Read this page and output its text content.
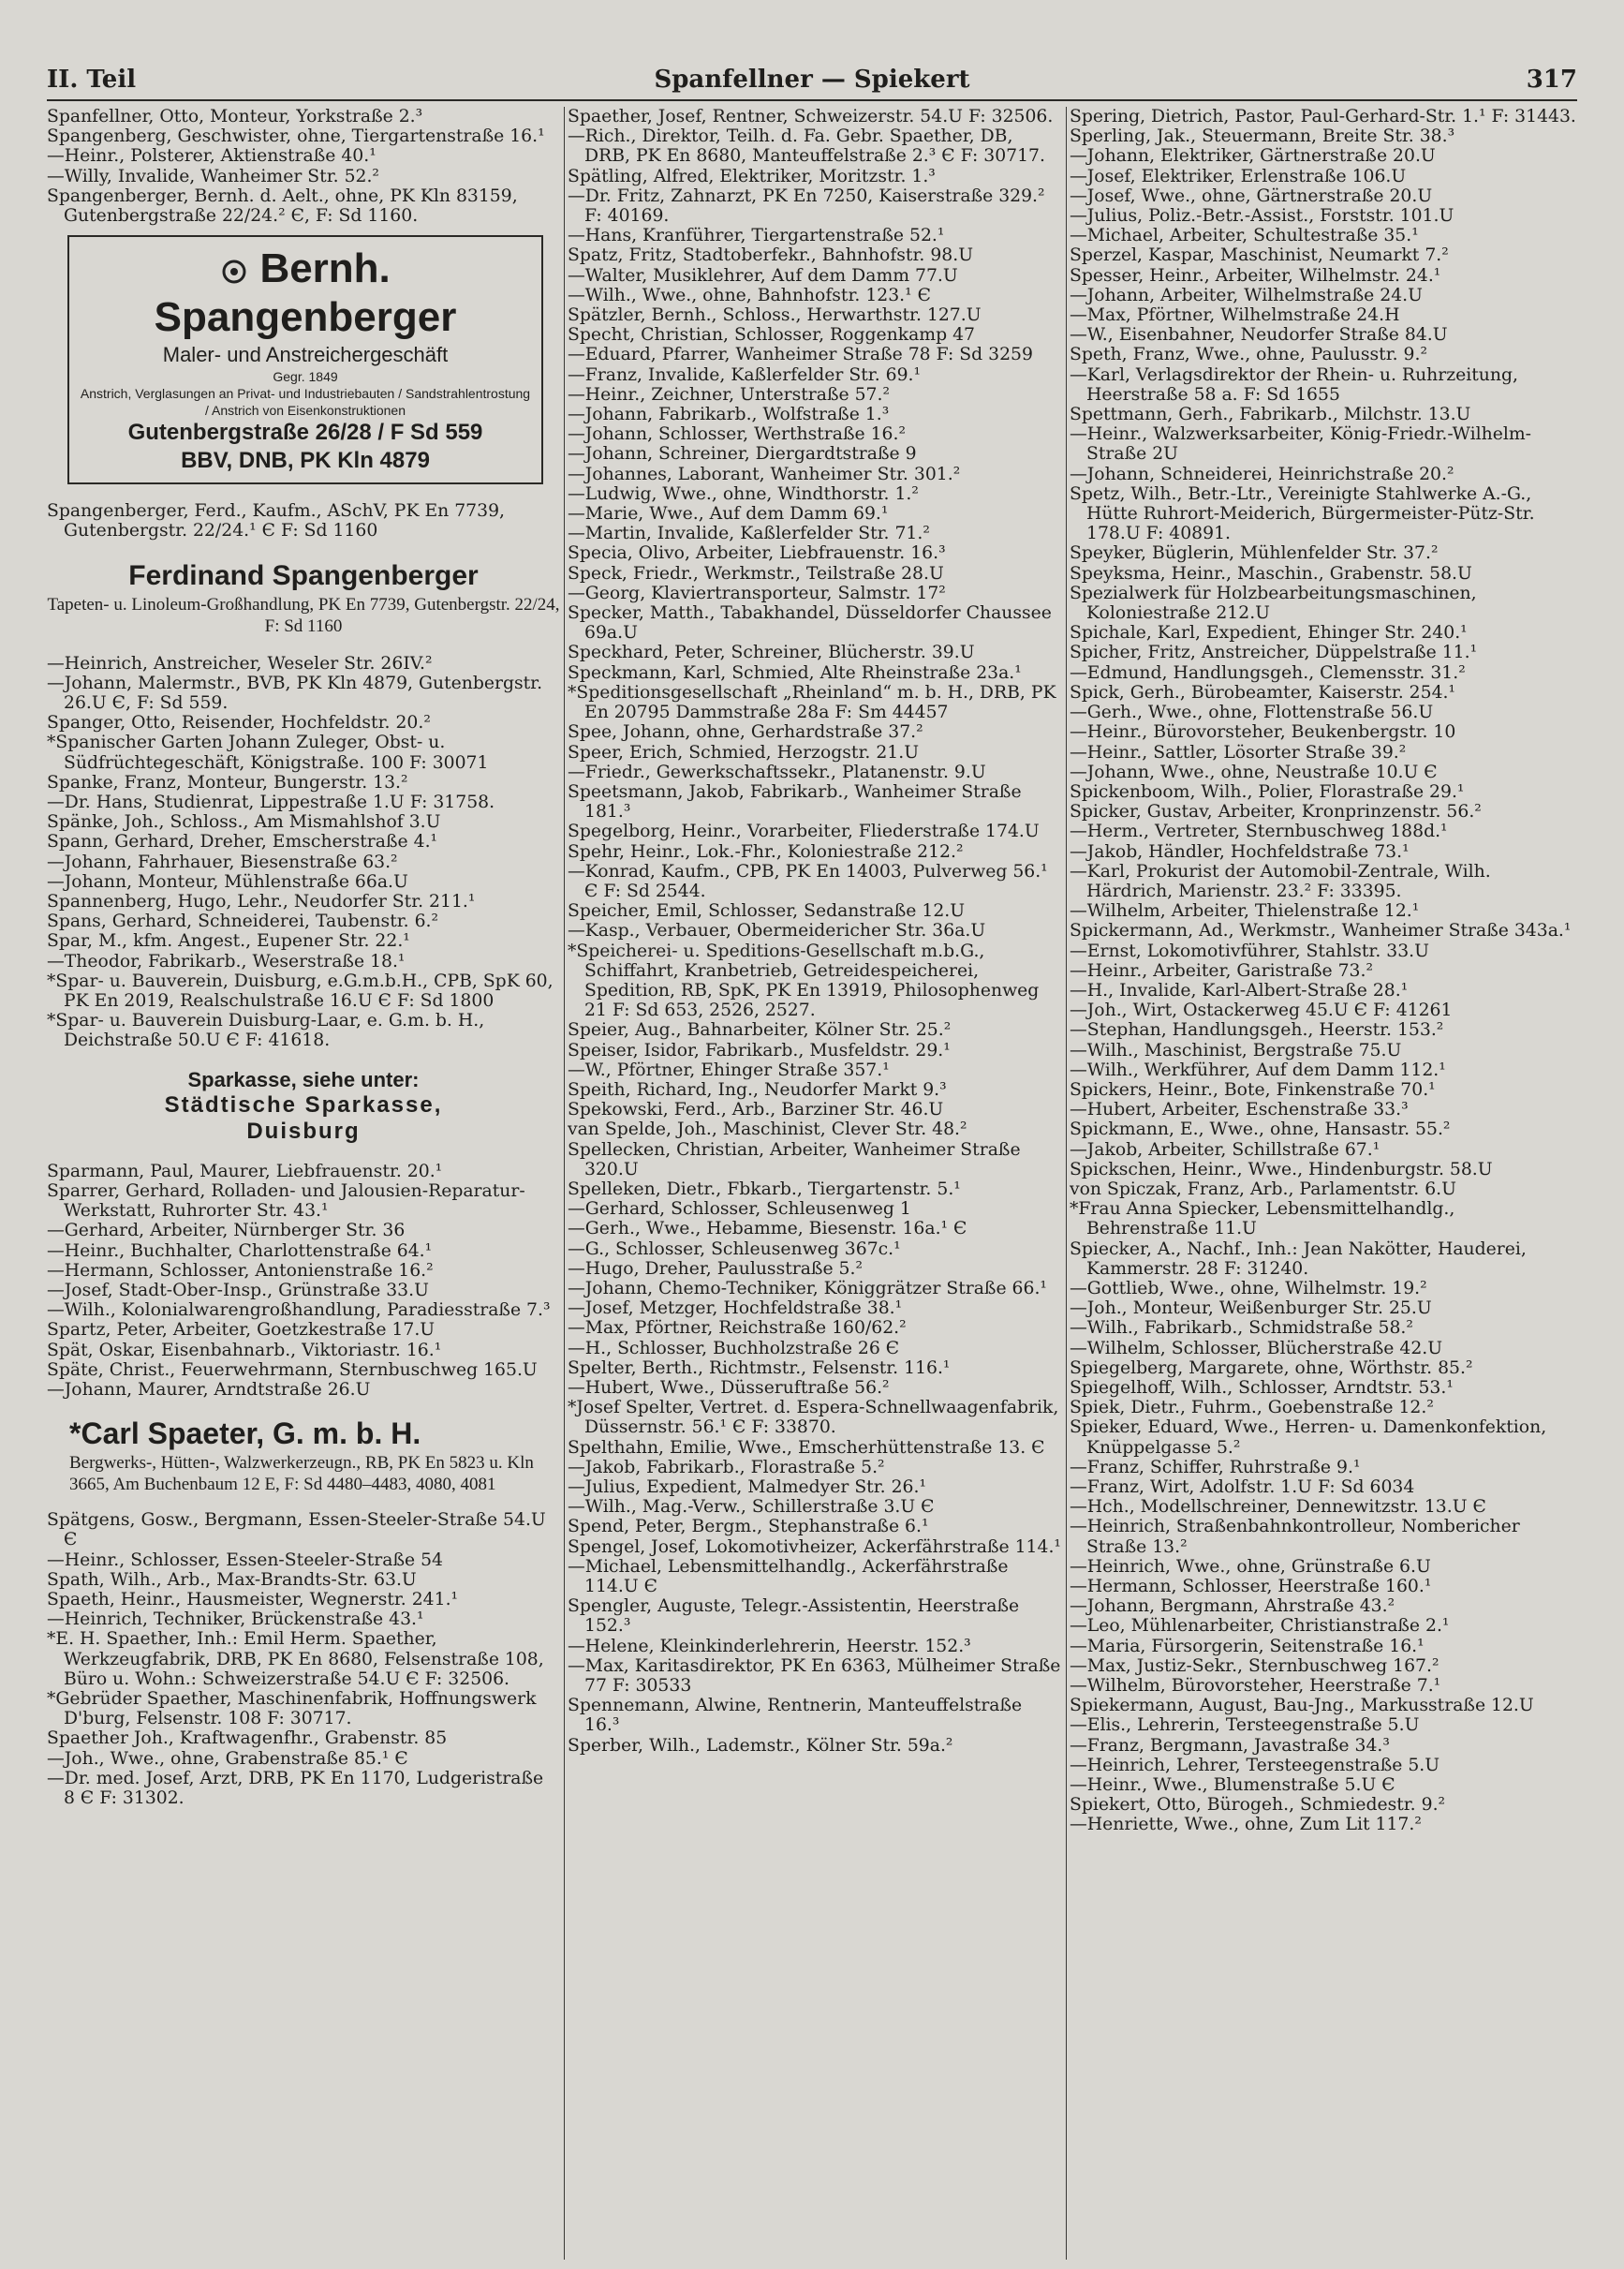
II. Teil	Spanfellner — Spiekert	317
Spanfellner, Otto, Monteur, Yorkstraße 2.³
Spangenberg, Geschwister, ohne, Tiergartenstraße 16.¹
—Heinr., Polsterer, Aktienstraße 40.¹
—Willy, Invalide, Wanheimer Str. 52.²
Spangenberger, Bernh. d. Aelt., ohne, PK Kln 83159, Gutenbergstraße 22/24.² Є, F: Sd 1160.
Bernh. Spangenberger
Maler- und Anstreichergeschäft
Gegr. 1849
Anstrich, Verglasungen an Privat- und Industriebauten / Sandstrahlentrostung / Anstrich von Eisenkonstruktionen
Gutenbergstraße 26/28 / F Sd 559
BBV, DNB, PK Kln 4879
Spangenberger, Ferd., Kaufm., ASchV, PK En 7739, Gutenbergstr. 22/24.¹ Є F: Sd 1160
Ferdinand Spangenberger
Tapeten- u. Linoleum-Großhandlung, PK En 7739, Gutenbergstr. 22/24, F: Sd 1160
—Heinrich, Anstreicher, Weseler Str. 26IV.²
—Johann, Malermstr., BVB, PK Kln 4879, Gutenbergstr. 26.U Є, F: Sd 559.
Spanger, Otto, Reisender, Hochfeldstr. 20.²
*Spanischer Garten Johann Zuleger, Obst- u. Südfrüchtegeschäft, Königstraße. 100 F: 30071
Spanke, Franz, Monteur, Bungerstr. 13.²
—Dr. Hans, Studienrat, Lippestraße 1.U F: 31758.
Spänke, Joh., Schloss., Am Mismahlshof 3.U
Spann, Gerhard, Dreher, Emscherstraße 4.¹
—Johann, Fahrhauer, Biesenstraße 63.²
—Johann, Monteur, Mühlenstraße 66a.U
Spannenberg, Hugo, Lehr., Neudorfer Str. 211.¹
Spans, Gerhard, Schneiderei, Taubenstr. 6.²
Spar, M., kfm. Angest., Eupener Str. 22.¹
—Theodor, Fabrikarb., Weserstraße 18.¹
*Spar- u. Bauverein, Duisburg, e.G.m.b.H., CPB, SpK 60, PK En 2019, Realschulstraße 16.U Є F: Sd 1800
*Spar- u. Bauverein Duisburg-Laar, e. G.m. b. H., Deichstraße 50.U Є F: 41618.
Sparkasse, siehe unter:
Städtische Sparkasse,
Duisburg
Sparmann, Paul, Maurer, Liebfrauenstr. 20.¹
Sparrer, Gerhard, Rolladen- und Jalousien-Reparatur-Werkstatt, Ruhrorter Str. 43.¹
—Gerhard, Arbeiter, Nürnberger Str. 36
—Heinr., Buchhalter, Charlottenstraße 64.¹
—Hermann, Schlosser, Antonienstraße 16.²
—Josef, Stadt-Ober-Insp., Grünstraße 33.U
—Wilh., Kolonialwarengroßhandlung, Paradiesstraße 7.³
Spartz, Peter, Arbeiter, Goetzkestraße 17.U
Spät, Oskar, Eisenbahnarb., Viktoriastr. 16.¹
Späte, Christ., Feuerwehrmann, Sternbuschweg 165.U
—Johann, Maurer, Arndtstraße 26.U
*Carl Spaeter, G. m. b. H.
Bergwerks-, Hütten-, Walzwerkerzeugn., RB, PK En 5823 u. Kln 3665, Am Buchenbaum 12 E, F: Sd 4480–4483, 4080, 4081
Spätgens, Gosw., Bergmann, Essen-Steeler-Straße 54.U Є
—Heinr., Schlosser, Essen-Steeler-Straße 54
Spath, Wilh., Arb., Max-Brandts-Str. 63.U
Spaeth, Heinr., Hausmeister, Wegnerstr. 241.¹
—Heinrich, Techniker, Brückenstraße 43.¹
*E. H. Spaether, Inh.: Emil Herm. Spaether, Werkzeugfabrik, DRB, PK En 8680, Felsenstraße 108, Büro u. Wohn.: Schweizerstraße 54.U Є F: 32506.
*Gebrüder Spaether, Maschinenfabrik, Hoffnungswerk D'burg, Felsenstr. 108 F: 30717.
Spaether Joh., Kraftwagenfhr., Grabenstr. 85
—Joh., Wwe., ohne, Grabenstraße 85.¹ Є
—Dr. med. Josef, Arzt, DRB, PK En 1170, Ludgeristraße 8 Є F: 31302.
Spaether, Josef, Rentner, Schweizerstr. 54.U F: 32506.
—Rich., Direktor, Teilh. d. Fa. Gebr. Spaether, DB, DRB, PK En 8680, Manteuffelstraße 2.³ Є F: 30717.
Spätling, Alfred, Elektriker, Moritzstr. 1.³
—Dr. Fritz, Zahnarzt, PK En 7250, Kaiserstraße 329.² F: 40169.
—Hans, Kranführer, Tiergartenstraße 52.¹
Spatz, Fritz, Stadtoberfekr., Bahnhofstr. 98.U
—Walter, Musiklehrer, Auf dem Damm 77.U
—Wilh., Wwe., ohne, Bahnhofstr. 123.¹ Є
Spätzler, Bernh., Schloss., Herwarthstr. 127.U
Specht, Christian, Schlosser, Roggenkamp 47
—Eduard, Pfarrer, Wanheimer Straße 78 F: Sd 3259
—Franz, Invalide, Kaßlerfelder Str. 69.¹
—Heinr., Zeichner, Unterstraße 57.²
—Johann, Fabrikarb., Wolfstraße 1.³
—Johann, Schlosser, Werthstraße 16.²
—Johann, Schreiner, Diergardtstraße 9
—Johannes, Laborant, Wanheimer Str. 301.²
—Ludwig, Wwe., ohne, Windthorstr. 1.²
—Marie, Wwe., Auf dem Damm 69.¹
—Martin, Invalide, Kaßlerfelder Str. 71.²
Specia, Olivo, Arbeiter, Liebfrauenstr. 16.³
Speck, Friedr., Werkmstr., Teilstraße 28.U
—Georg, Klaviertransporteur, Salmstr. 17²
Specker, Matth., Tabakhandel, Düsseldorfer Chaussee 69a.U
Speckhard, Peter, Schreiner, Blücherstr. 39.U
Speckmann, Karl, Schmied, Alte Rheinstraße 23a.¹
*Speditionsgesellschaft „Rheinland“ m. b. H., DRB, PK En 20795 Dammstraße 28a F: Sm 44457
Spee, Johann, ohne, Gerhardstraße 37.²
Speer, Erich, Schmied, Herzogstr. 21.U
—Friedr., Gewerkschaftssekr., Platanenstr. 9.U
Speetsmann, Jakob, Fabrikarb., Wanheimer Straße 181.³
Spegelborg, Heinr., Vorarbeiter, Fliederstraße 174.U
Spehr, Heinr., Lok.-Fhr., Koloniestraße 212.²
—Konrad, Kaufm., CPB, PK En 14003, Pulverweg 56.¹ Є F: Sd 2544.
Speicher, Emil, Schlosser, Sedanstraße 12.U
—Kasp., Verbauer, Obermeidericher Str. 36a.U
*Speicherei- u. Speditions-Gesellschaft m.b.G., Schiffahrt, Kranbetrieb, Getreidespeicherei, Spedition, RB, SpK, PK En 13919, Philosophenweg 21 F: Sd 653, 2526, 2527.
Speier, Aug., Bahnarbeiter, Kölner Str. 25.²
Speiser, Isidor, Fabrikarb., Musfeldstr. 29.¹
—W., Pförtner, Ehinger Straße 357.¹
Speith, Richard, Ing., Neudorfer Markt 9.³
Spekowski, Ferd., Arb., Barziner Str. 46.U
van Spelde, Joh., Maschinist, Clever Str. 48.²
Spellecken, Christian, Arbeiter, Wanheimer Straße 320.U
Spelleken, Dietr., Fbkarb., Tiergartenstr. 5.¹
—Gerhard, Schlosser, Schleusenweg 1
—Gerh., Wwe., Hebamme, Biesenstr. 16a.¹ Є
—G., Schlosser, Schleusenweg 367c.¹
—Hugo, Dreher, Paulusstraße 5.²
—Johann, Chemo-Techniker, Königgrätzer Straße 66.¹
—Josef, Metzger, Hochfeldstraße 38.¹
—Max, Pförtner, Reichstraße 160/62.²
—H., Schlosser, Buchholzstraße 26 Є
Spelter, Berth., Richtmstr., Felsenstr. 116.¹
—Hubert, Wwe., Düsseruftraße 56.²
*Josef Spelter, Vertret. d. Espera-Schnellwaagenfabrik, Düssernstr. 56.¹ Є F: 33870.
Spelthahn, Emilie, Wwe., Emscherhüttenstraße 13. Є
—Jakob, Fabrikarb., Florastraße 5.²
—Julius, Expedient, Malmedyer Str. 26.¹
—Wilh., Mag.-Verw., Schillerstraße 3.U Є
Spend, Peter, Bergm., Stephanstraße 6.¹
Spengel, Josef, Lokomotivheizer, Ackerfährstraße 114.¹
—Michael, Lebensmittelhandlg., Ackerfährstraße 114.U Є
Spengler, Auguste, Telegr.-Assistentin, Heerstraße 152.³
—Helene, Kleinkinderlehrerin, Heerstr. 152.³
—Max, Karitasdirektor, PK En 6363, Mülheimer Straße 77 F: 30533
Spennemann, Alwine, Rentnerin, Manteuffelstraße 16.³
Sperber, Wilh., Lademstr., Kölner Str. 59a.²
Spering, Dietrich, Pastor, Paul-Gerhard-Str. 1.¹ F: 31443.
Sperling, Jak., Steuermann, Breite Str. 38.³
—Johann, Elektriker, Gärtnerstraße 20.U
—Josef, Elektriker, Erlenstraße 106.U
—Josef, Wwe., ohne, Gärtnerstraße 20.U
—Julius, Poliz.-Betr.-Assist., Forststr. 101.U
—Michael, Arbeiter, Schultestraße 35.¹
Sperzel, Kaspar, Maschinist, Neumarkt 7.²
Spesser, Heinr., Arbeiter, Wilhelmstr. 24.¹
—Johann, Arbeiter, Wilhelmstraße 24.U
—Max, Pförtner, Wilhelmstraße 24.H
—W., Eisenbahner, Neudorfer Straße 84.U
Speth, Franz, Wwe., ohne, Paulusstr. 9.²
—Karl, Verlagsdirektor der Rhein- u. Ruhrzeitung, Heerstraße 58 a. F: Sd 1655
Spettmann, Gerh., Fabrikarb., Milchstr. 13.U
—Heinr., Walzwerksarbeiter, König-Friedr.-Wilhelm-Straße 2U
—Johann, Schneiderei, Heinrichstraße 20.²
Spetz, Wilh., Betr.-Ltr., Vereinigte Stahlwerke A.-G., Hütte Ruhrort-Meiderich, Bürgermeister-Pütz-Str. 178.U F: 40891.
Speyker, Büglerin, Mühlenfelder Str. 37.²
Speyksma, Heinr., Maschin., Grabenstr. 58.U
Spezialwerk für Holzbearbeitungsmaschinen, Koloniestraße 212.U
Spichale, Karl, Expedient, Ehinger Str. 240.¹
Spicher, Fritz, Anstreicher, Düppelstraße 11.¹
—Edmund, Handlungsgeh., Clemensstr. 31.²
Spick, Gerh., Bürobeamter, Kaiserstr. 254.¹
—Gerh., Wwe., ohne, Flottenstraße 56.U
—Heinr., Bürovorsteher, Beukenbergstr. 10
—Heinr., Sattler, Lösorter Straße 39.²
—Johann, Wwe., ohne, Neustraße 10.U Є
Spickenboom, Wilh., Polier, Florastraße 29.¹
Spicker, Gustav, Arbeiter, Kronprinzenstr. 56.²
—Herm., Vertreter, Sternbuschweg 188d.¹
—Jakob, Händler, Hochfeldstraße 73.¹
—Karl, Prokurist der Automobil-Zentrale, Wilh. Härdrich, Marienstr. 23.² F: 33395.
—Wilhelm, Arbeiter, Thielenstraße 12.¹
Spickermann, Ad., Werkmstr., Wanheimer Straße 343a.¹
—Ernst, Lokomotivführer, Stahlstr. 33.U
—Heinr., Arbeiter, Garistraße 73.²
—H., Invalide, Karl-Albert-Straße 28.¹
—Joh., Wirt, Ostackerweg 45.U Є F: 41261
—Stephan, Handlungsgeh., Heerstr. 153.²
—Wilh., Maschinist, Bergstraße 75.U
—Wilh., Werkführer, Auf dem Damm 112.¹
Spickers, Heinr., Bote, Finkenstraße 70.¹
—Hubert, Arbeiter, Eschenstraße 33.³
Spickmann, E., Wwe., ohne, Hansastr. 55.²
—Jakob, Arbeiter, Schillstraße 67.¹
Spickschen, Heinr., Wwe., Hindenburgstr. 58.U
von Spiczak, Franz, Arb., Parlamentstr. 6.U
*Frau Anna Spiecker, Lebensmittelhandlg., Behrenstraße 11.U
Spiecker, A., Nachf., Inh.: Jean Nakötter, Hauderei, Kammerstr. 28 F: 31240.
—Gottlieb, Wwe., ohne, Wilhelmstr. 19.²
—Joh., Monteur, Weißenburger Str. 25.U
—Wilh., Fabrikarb., Schmidstraße 58.²
—Wilhelm, Schlosser, Blücherstraße 42.U
Spiegelberg, Margarete, ohne, Wörthstr. 85.²
Spiegelhoff, Wilh., Schlosser, Arndtstr. 53.¹
Spiek, Dietr., Fuhrm., Goebenstraße 12.²
Spieker, Eduard, Wwe., Herren- u. Damenkonfektion, Knüppelgasse 5.²
—Franz, Schiffer, Ruhrstraße 9.¹
—Franz, Wirt, Adolfstr. 1.U F: Sd 6034
—Hch., Modellschreiner, Dennewitzstr. 13.U Є
—Heinrich, Straßenbahnkontrolleur, Nombericher Straße 13.²
—Heinrich, Wwe., ohne, Grünstraße 6.U
—Hermann, Schlosser, Heerstraße 160.¹
—Johann, Bergmann, Ahrstraße 43.²
—Leo, Mühlenarbeiter, Christianstraße 2.¹
—Maria, Fürsorgerin, Seitenstraße 16.¹
—Max, Justiz-Sekr., Sternbuschweg 167.²
—Wilhelm, Bürovorsteher, Heerstraße 7.¹
Spiekermann, August, Bau-Jng., Markusstraße 12.U
—Elis., Lehrerin, Tersteegenstraße 5.U
—Franz, Bergmann, Javastraße 34.³
—Heinrich, Lehrer, Tersteegenstraße 5.U
—Heinr., Wwe., Blumenstraße 5.U Є
Spiekert, Otto, Bürogeh., Schmiedestr. 9.²
—Henriette, Wwe., ohne, Zum Lit 117.²
